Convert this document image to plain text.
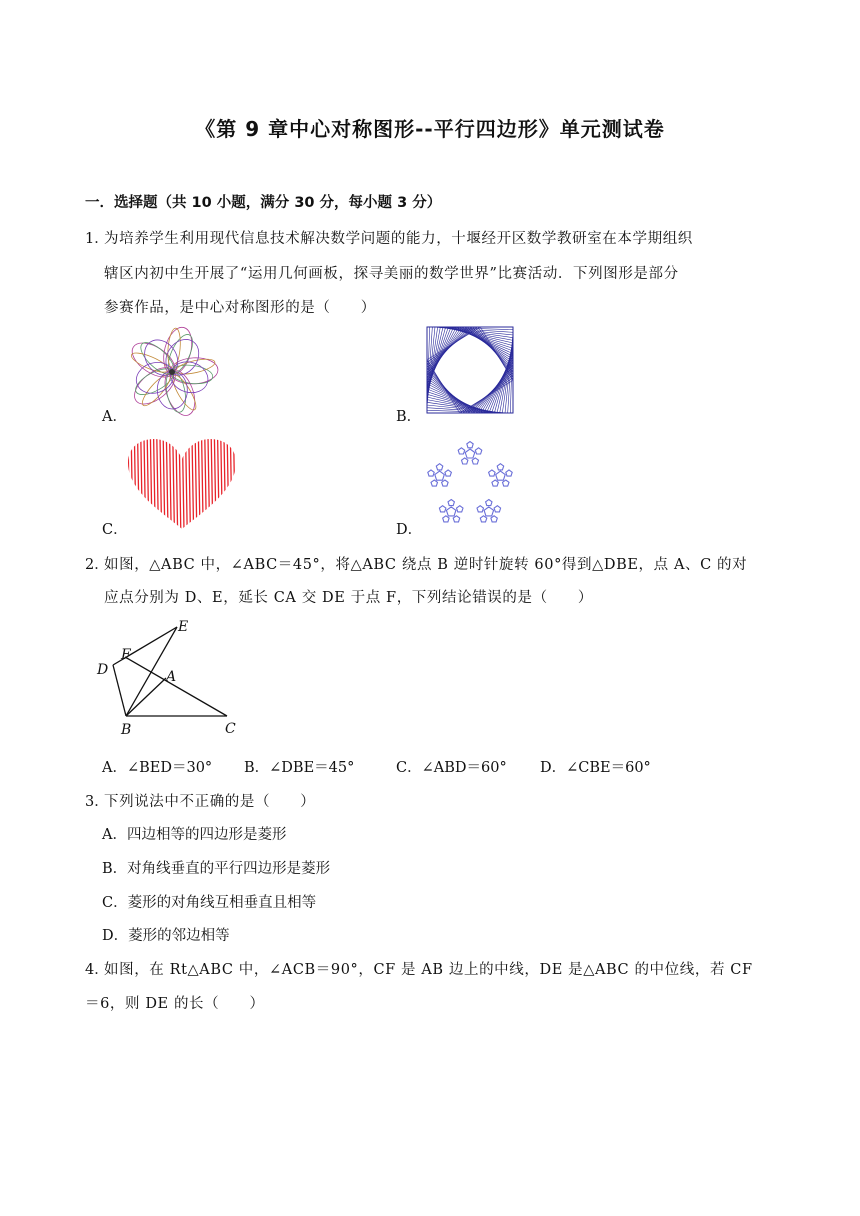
《第 9 章中心对称图形--平行四边形》单元测试卷
一．选择题（共 10 小题，满分 30 分，每小题 3 分）
1．
为培养学生利用现代信息技术解决数学问题的能力，十堰经开区数学教研室在本学期组织
辖区内初中生开展了“运用几何画板，探寻美丽的数学世界”比赛活动．下列图形是部分
参赛作品，是中心对称图形的是（　　）
A．	B．
C．	D．
2．
如图，△ABC 中，∠ABC＝45°，将△ABC 绕点 B 逆时针旋转 60°得到△DBE，点 A、C 的对
应点分别为 D、E，延长 CA 交 DE 于点 F，下列结论错误的是（　　）
E
F
D	A
B	C
A．∠BED＝30° B．∠DBE＝45°	C．∠ABD＝60° D．∠CBE＝60°
3．
下列说法中不正确的是（　　）
A．四边相等的四边形是菱形
B．对角线垂直的平行四边形是菱形
C．菱形的对角线互相垂直且相等
D．菱形的邻边相等
4．
如图，在 Rt△ABC 中，∠ACB＝90°，CF 是 AB 边上的中线，DE 是△ABC 的中位线，若 CF
＝6，则 DE 的长（　　）
